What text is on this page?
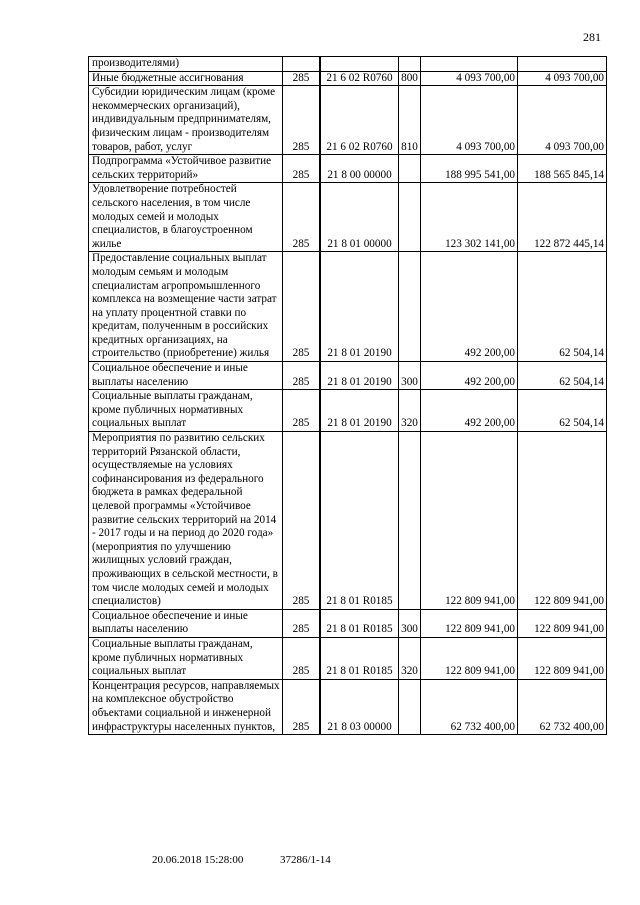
281
производителями)						
Иные бюджетные ассигнования	285		21 6 02 R0760	800	4 093 700,00	4 093 700,00
Субсидии юридическим лицам (кроме некоммерческих организаций), индивидуальным предпринимателям, физическим лицам - производителям товаров, работ, услуг	285		21 6 02 R0760	810	4 093 700,00	4 093 700,00
Подпрограмма «Устойчивое развитие сельских территорий»	285		21 8 00 00000		188 995 541,00	188 565 845,14
Удовлетворение потребностей сельского населения, в том числе молодых семей и молодых специалистов, в благоустроенном жилье	285		21 8 01 00000		123 302 141,00	122 872 445,14
Предоставление социальных выплат молодым семьям и молодым специалистам агропромышленного комплекса на возмещение части затрат на уплату процентной ставки по кредитам, полученным в российских кредитных организациях, на строительство (приобретение) жилья	285		21 8 01 20190		492 200,00	62 504,14
Социальное обеспечение и иные выплаты населению	285		21 8 01 20190	300	492 200,00	62 504,14
Социальные выплаты гражданам, кроме публичных нормативных социальных выплат	285		21 8 01 20190	320	492 200,00	62 504,14
Мероприятия по развитию сельских территорий Рязанской области, осуществляемые на условиях софинансирования из федерального бюджета в рамках федеральной целевой программы «Устойчивое развитие сельских территорий на 2014 - 2017 годы и на период до 2020 года» (мероприятия по улучшению жилищных условий граждан, проживающих в сельской местности, в том числе молодых семей и молодых специалистов)	285		21 8 01 R0185		122 809 941,00	122 809 941,00
Социальное обеспечение и иные выплаты населению	285		21 8 01 R0185	300	122 809 941,00	122 809 941,00
Социальные выплаты гражданам, кроме публичных нормативных социальных выплат	285		21 8 01 R0185	320	122 809 941,00	122 809 941,00
Концентрация ресурсов, направляемых на комплексное обустройство объектами социальной и инженерной инфраструктуры населенных пунктов,	285		21 8 03 00000		62 732 400,00	62 732 400,00
20.06.2018 15:28:00	37286/1-14
